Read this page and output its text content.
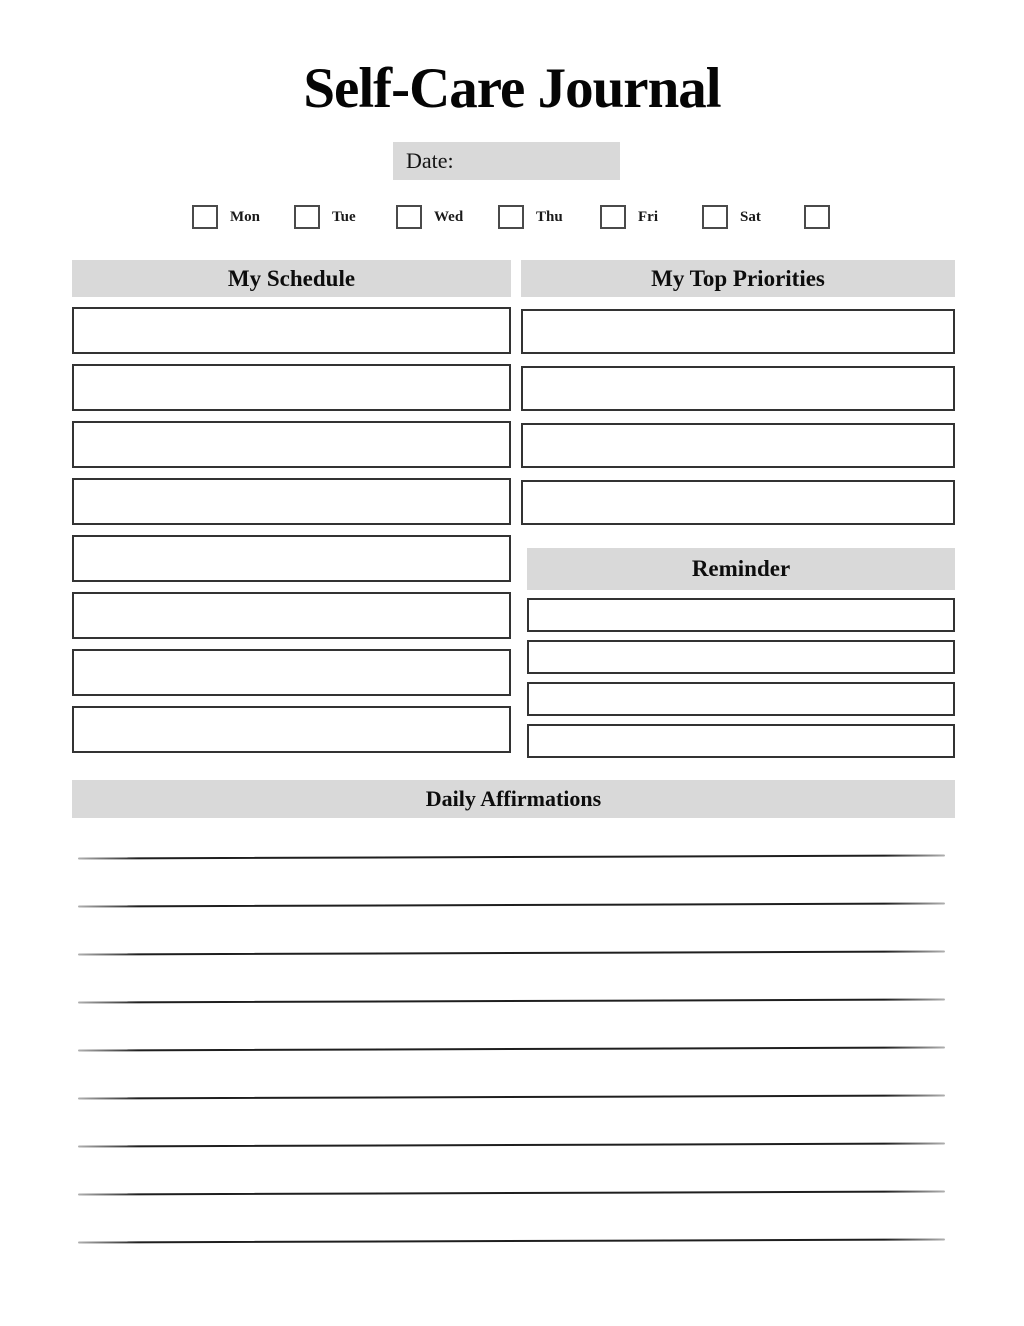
Self-Care Journal
Date:
Mon	Tue	Wed	Thu	Fri	Sat
My Schedule	My Top Priorities
Reminder
Daily Affirmations
